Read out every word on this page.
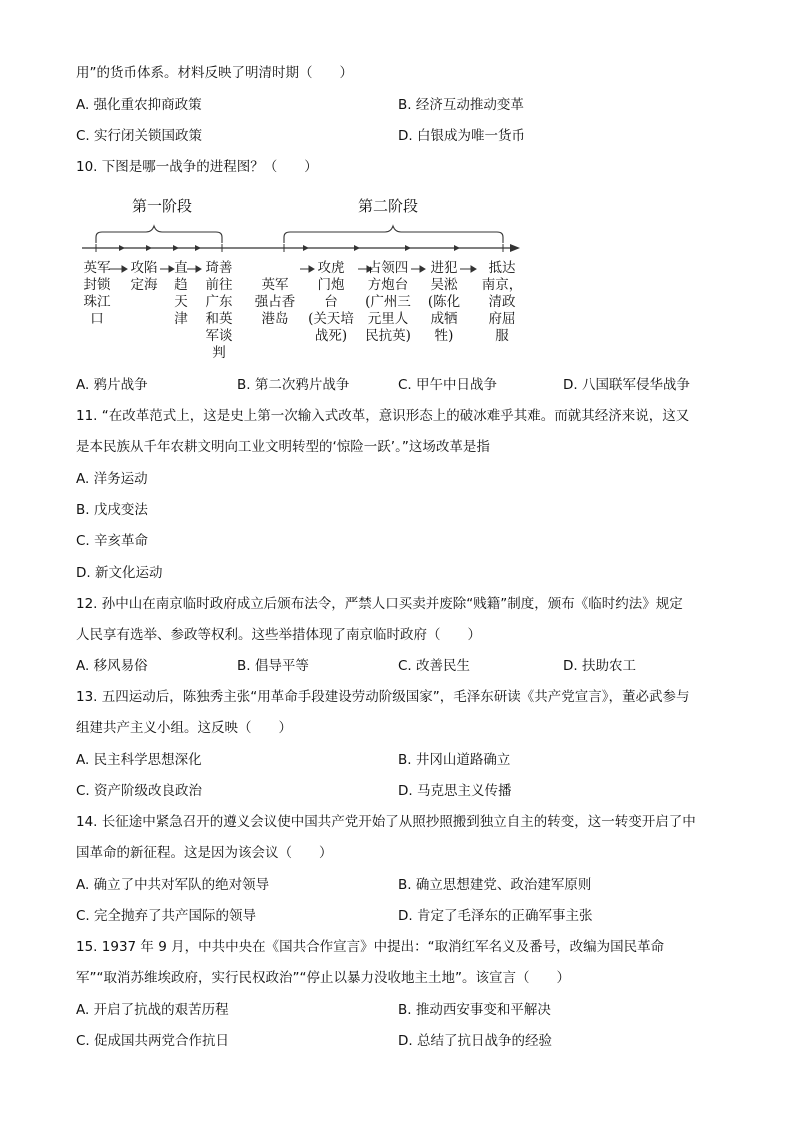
用”的货币体系。材料反映了明清时期（　　）
A. 强化重农抑商政策	B. 经济互动推动变革
C. 实行闭关锁国政策	D. 白银成为唯一货币
10. 下图是哪一战争的进程图？（　　）
第一阶段	第二阶段
英军
封锁
珠江
口
攻陷
定海
直
趋
天
津
琦善
前往
广东
和英
军谈
判
英军
强占香
港岛
攻虎
门炮
台
(关天培
战死)
占领四
方炮台
(广州三
元里人
民抗英)
进犯
吴淞
(陈化
成牺
牲)
抵达
南京，
清政
府屈
服
A. 鸦片战争	B. 第二次鸦片战争	C. 甲午中日战争	D. 八国联军侵华战争
11. “在改革范式上，这是史上第一次输入式改革，意识形态上的破冰难乎其难。而就其经济来说，这又
是本民族从千年农耕文明向工业文明转型的‘惊险一跃’。”这场改革是指
A. 洋务运动
B. 戊戌变法
C. 辛亥革命
D. 新文化运动
12. 孙中山在南京临时政府成立后颁布法令，严禁人口买卖并废除“贱籍”制度，颁布《临时约法》规定
人民享有选举、参政等权利。这些举措体现了南京临时政府（　　）
A. 移风易俗	B. 倡导平等	C. 改善民生	D. 扶助农工
13. 五四运动后，陈独秀主张“用革命手段建设劳动阶级国家”，毛泽东研读《共产党宣言》，董必武参与
组建共产主义小组。这反映（　　）
A. 民主科学思想深化	B. 井冈山道路确立
C. 资产阶级改良政治	D. 马克思主义传播
14. 长征途中紧急召开的遵义会议使中国共产党开始了从照抄照搬到独立自主的转变，这一转变开启了中
国革命的新征程。这是因为该会议（　　）
A. 确立了中共对军队的绝对领导	B. 确立思想建党、政治建军原则
C. 完全抛弃了共产国际的领导	D. 肯定了毛泽东的正确军事主张
15. 1937 年 9 月，中共中央在《国共合作宣言》中提出：“取消红军名义及番号，改编为国民革命
军”“取消苏维埃政府，实行民权政治”“停止以暴力没收地主土地”。该宣言（　　）
A. 开启了抗战的艰苦历程	B. 推动西安事变和平解决
C. 促成国共两党合作抗日	D. 总结了抗日战争的经验
